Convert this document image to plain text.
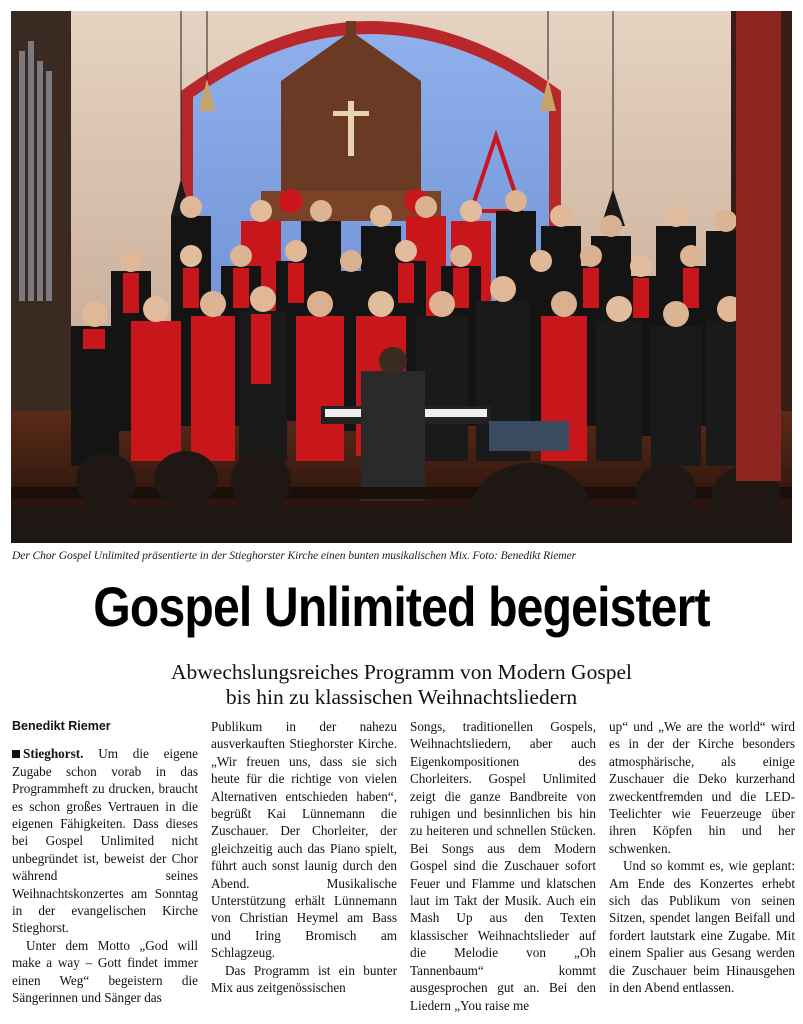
Der Chor Gospel Unlimited präsentierte in der Stieghorster Kirche einen bunten musikalischen Mix. Foto: Benedikt Riemer
Gospel Unlimited begeistert
Abwechslungsreiches Programm von Modern Gospel
bis hin zu klassischen Weihnachtsliedern
Benedikt Riemer

Stieghorst. Um die eigene Zugabe schon vorab in das Programmheft zu drucken, braucht es schon großes Vertrauen in die eigenen Fähigkeiten. Dass dieses bei Gospel Unlimited nicht unbegründet ist, beweist der Chor während seines Weihnachtskonzertes am Sonntag in der evangelischen Kirche Stieghorst.

Unter dem Motto „God will make a way – Gott findet immer einen Weg“ begeistern die Sängerinnen und Sänger das

Publikum in der nahezu ausverkauften Stieghorster Kirche. „Wir freuen uns, dass sie sich heute für die richtige von vielen Alternativen entschieden haben“, begrüßt Kai Lünnemann die Zuschauer. Der Chorleiter, der gleichzeitig auch das Piano spielt, führt auch sonst launig durch den Abend. Musikalische Unterstützung erhält Lünnemann von Christian Heymel am Bass und Iring Bromisch am Schlagzeug.

Das Programm ist ein bunter Mix aus zeitgenössischen

Songs, traditionellen Gospels, Weihnachtsliedern, aber auch Eigenkompositionen des Chorleiters. Gospel Unlimited zeigt die ganze Bandbreite von ruhigen und besinnlichen bis hin zu heiteren und schnellen Stücken. Bei Songs aus dem Modern Gospel sind die Zuschauer sofort Feuer und Flamme und klatschen laut im Takt der Musik. Auch ein Mash Up aus den Texten klassischer Weihnachtslieder auf die Melodie von „Oh Tannenbaum“ kommt ausgesprochen gut an. Bei den Liedern „You raise me

up“ und „We are the world“ wird es in der der Kirche besonders atmosphärische, als einige Zuschauer die Deko kurzerhand zweckentfremden und die LED-Teelichter wie Feuerzeuge über ihren Köpfen hin und her schwenken.

Und so kommt es, wie geplant: Am Ende des Konzertes erhebt sich das Publikum von seinen Sitzen, spendet langen Beifall und fordert lautstark eine Zugabe. Mit einem Spalier aus Gesang werden die Zuschauer beim Hinausgehen in den Abend entlassen.
